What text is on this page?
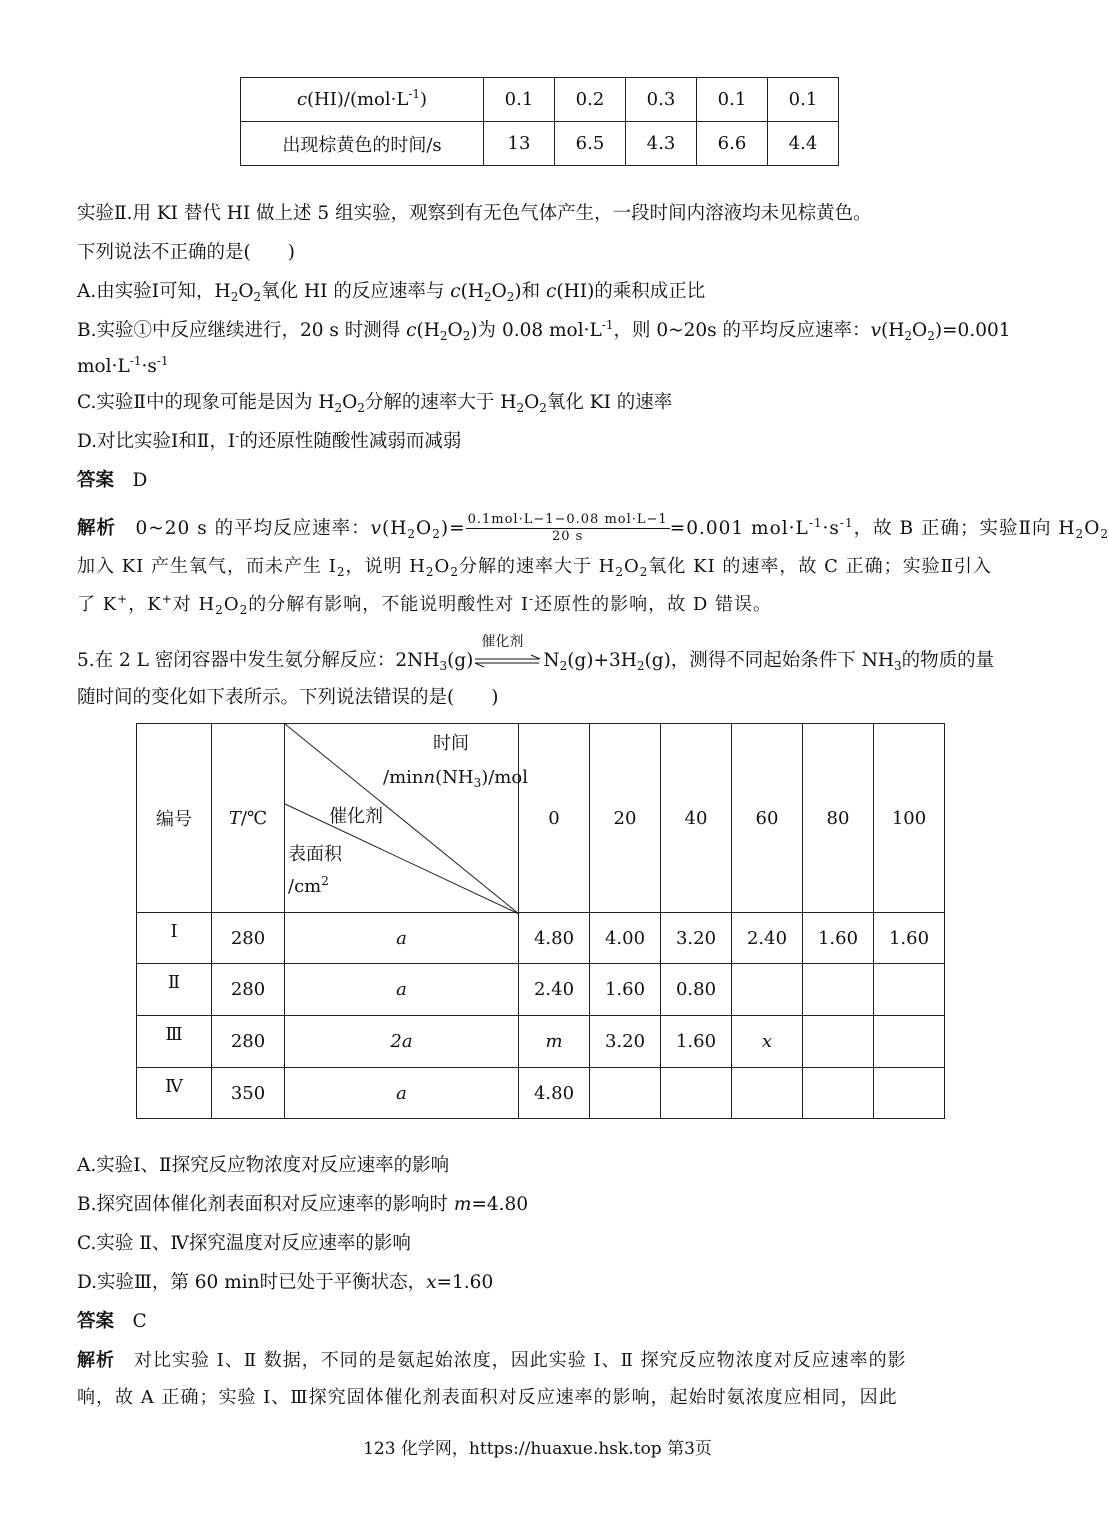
$c(HI)/(mol\cdot L^{-1})$	0.1	0.2	0.3	0.1	0.1
出现棕黄色的时间/s	13	6.5	4.3	6.6	4.4
实验Ⅱ.用 KI 替代 HI 做上述 5 组实验，观察到有无色气体产生，一段时间内溶液均未见棕黄色。
下列说法不正确的是(　　)
A.由实验Ⅰ可知，$H_2O_2$氧化 HI 的反应速率与 $c(H_2O_2)$和 c(HI)的乘积成正比
B.实验①中反应继续进行，20 s 时测得 $c(H_2O_2)$为 0.08 $mol\cdot L^{-1}$，则 0~20s 的平均反应速率：$v(H_2O_2)=0.001$
$mol\cdot L^{-1}\cdot s^{-1}$
C.实验Ⅱ中的现象可能是因为 $H_2O_2$分解的速率大于 $H_2O_2$氧化 KI 的速率
D.对比实验Ⅰ和Ⅱ，I-的还原性随酸性减弱而减弱
答案　 D
解析　0~20 s 的平均反应速率：$v(H_2O_2)= \frac{\text{0.1mol·L−1−0.08 mol·L−1}}{20 s} =0.001$ $mol\cdot L^{-1}\cdot s^{-1}$，故 B 正确；实验Ⅱ向 $H_2O_2$
加入 KI 产生氧气，而未产生 $I_2$，说明 $H_2O_2$分解的速率大于 $H_2O_2$氧化 KI 的速率，故 C 正确；实验Ⅱ引入
了 K+，K+对 $H_2O_2$的分解有影响，不能说明酸性对 I-还原性的影响，故 D 错误。
5.在 2 L 密闭容器中发生氨分解反应：$2NH_3(g)$
催化剂
$N_2(g)+3H_2(g)$，测得不同起始条件下 $NH_3$的物质的量
随时间的变化如下表所示。下列说法错误的是(　　)
编号	T/℃	时间
$/\min n(NH_3)$/mol
催化剂
表面积
$/cm^2$	0	20	40	60	80	100
Ⅰ	280	a	4.80	4.00	3.20	2.40	1.60	1.60
Ⅱ	280	a	2.40	1.60	0.80			
Ⅲ	280	2a	m	3.20	1.60	x		
Ⅳ	350	a	4.80					
A.实验Ⅰ、Ⅱ探究反应物浓度对反应速率的影响
B.探究固体催化剂表面积对反应速率的影响时 m=4.80
C.实验 Ⅱ、Ⅳ探究温度对反应速率的影响
D.实验Ⅲ，第 60 min时已处于平衡状态，x=1.60
答案　 C
解析　 对比实验 Ⅰ、Ⅱ 数据，不同的是氨起始浓度，因此实验 Ⅰ、Ⅱ 探究反应物浓度对反应速率的影
响，故 A 正确；实验 Ⅰ、Ⅲ探究固体催化剂表面积对反应速率的影响，起始时氨浓度应相同，因此
123 化学网，https://huaxue.hsk.top 第3页
